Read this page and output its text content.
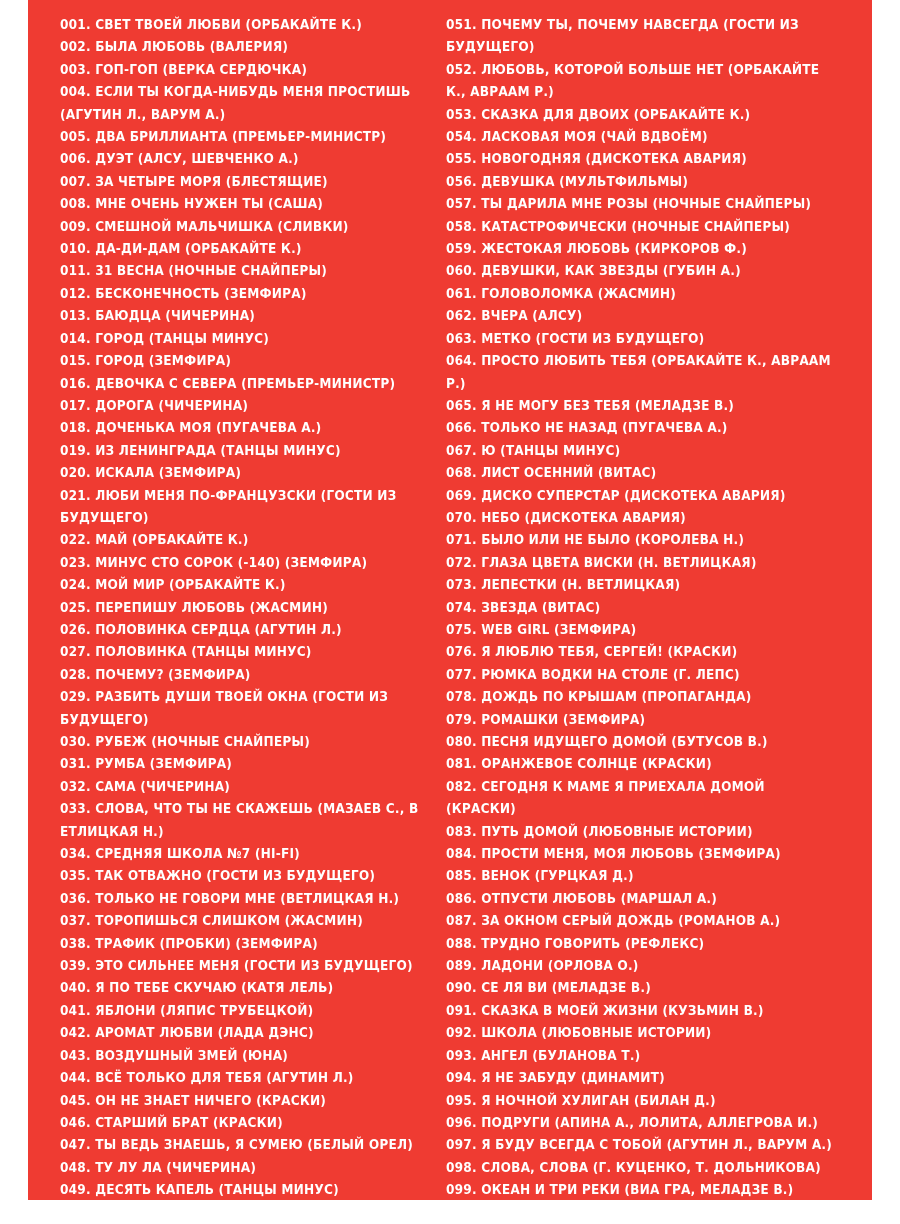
001. СВЕТ ТВОЕЙ ЛЮБВИ (ОРБАКАЙТЕ К.)
002. БЫЛА ЛЮБОВЬ (ВАЛЕРИЯ)
003. ГОП-ГОП (ВЕРКА СЕРДЮЧКА)
004. ЕСЛИ ТЫ КОГДА-НИБУДЬ МЕНЯ ПРОСТИШЬ (АГУТИН Л., ВАРУМ А.)
005. ДВА БРИЛЛИАНТА (ПРЕМЬЕР-МИНИСТР)
006. ДУЭТ (АЛСУ, ШЕВЧЕНКО А.)
007. ЗА ЧЕТЫРЕ МОРЯ (БЛЕСТЯЩИЕ)
008. МНЕ ОЧЕНЬ НУЖЕН ТЫ (САША)
009. СМЕШНОЙ МАЛЬЧИШКА (СЛИВКИ)
010. ДА-ДИ-ДАМ (ОРБАКАЙТЕ К.)
011. 31 ВЕСНА (НОЧНЫЕ СНАЙПЕРЫ)
012. БЕСКОНЕЧНОСТЬ (ЗЕМФИРА)
013. БАЮДЦА (ЧИЧЕРИНА)
014. ГОРОД (ТАНЦЫ МИНУС)
015. ГОРОД (ЗЕМФИРА)
016. ДЕВОЧКА С СЕВЕРА (ПРЕМЬЕР-МИНИСТР)
017. ДОРОГА (ЧИЧЕРИНА)
018. ДОЧЕНЬКА МОЯ (ПУГАЧЕВА А.)
019. ИЗ ЛЕНИНГРАДА (ТАНЦЫ МИНУС)
020. ИСКАЛА (ЗЕМФИРА)
021. ЛЮБИ МЕНЯ ПО-ФРАНЦУЗСКИ (ГОСТИ ИЗ БУДУЩЕГО)
022. МАЙ (ОРБАКАЙТЕ К.)
023. МИНУС СТО СОРОК (-140) (ЗЕМФИРА)
024. МОЙ МИР (ОРБАКАЙТЕ К.)
025. ПЕРЕПИШУ ЛЮБОВЬ (ЖАСМИН)
026. ПОЛОВИНКА СЕРДЦА (АГУТИН Л.)
027. ПОЛОВИНКА (ТАНЦЫ МИНУС)
028. ПОЧЕМУ? (ЗЕМФИРА)
029. РАЗБИТЬ ДУШИ ТВОЕЙ ОКНА (ГОСТИ ИЗ БУДУЩЕГО)
030. РУБЕЖ (НОЧНЫЕ СНАЙПЕРЫ)
031. РУМБА (ЗЕМФИРА)
032. САМА (ЧИЧЕРИНА)
033. СЛОВА, ЧТО ТЫ НЕ СКАЖЕШЬ (МАЗАЕВ С., В ЕТЛИЦКАЯ Н.)
034. СРЕДНЯЯ ШКОЛА №7 (HI-FI)
035. ТАК ОТВАЖНО (ГОСТИ ИЗ БУДУЩЕГО)
036. ТОЛЬКО НЕ ГОВОРИ МНЕ (ВЕТЛИЦКАЯ Н.)
037. ТОРОПИШЬСЯ СЛИШКОМ (ЖАСМИН)
038. ТРАФИК (ПРОБКИ) (ЗЕМФИРА)
039. ЭТО СИЛЬНЕЕ МЕНЯ (ГОСТИ ИЗ БУДУЩЕГО)
040. Я ПО ТЕБЕ СКУЧАЮ (КАТЯ ЛЕЛЬ)
041. ЯБЛОНИ (ЛЯПИС ТРУБЕЦКОЙ)
042. АРОМАТ ЛЮБВИ (ЛАДА ДЭНС)
043. ВОЗДУШНЫЙ ЗМЕЙ (ЮНА)
044. ВСЁ ТОЛЬКО ДЛЯ ТЕБЯ (АГУТИН Л.)
045. ОН НЕ ЗНАЕТ НИЧЕГО (КРАСКИ)
046. СТАРШИЙ БРАТ (КРАСКИ)
047. ТЫ ВЕДЬ ЗНАЕШЬ, Я СУМЕЮ (БЕЛЫЙ ОРЕЛ)
048. ТУ ЛУ ЛА (ЧИЧЕРИНА)
049. ДЕСЯТЬ КАПЕЛЬ (ТАНЦЫ МИНУС)
050. ХОЛОДНО (ПРОПАГАНДА)
051. ПОЧЕМУ ТЫ, ПОЧЕМУ НАВСЕГДА (ГОСТИ ИЗ БУДУЩЕГО)
052. ЛЮБОВЬ, КОТОРОЙ БОЛЬШЕ НЕТ (ОРБАКАЙТЕ К., АВРААМ Р.)
053. СКАЗКА ДЛЯ ДВОИХ (ОРБАКАЙТЕ К.)
054. ЛАСКОВАЯ МОЯ (ЧАЙ ВДВОЁМ)
055. НОВОГОДНЯЯ (ДИСКОТЕКА АВАРИЯ)
056. ДЕВУШКА (МУЛЬТФИЛЬМЫ)
057. ТЫ ДАРИЛА МНЕ РОЗЫ (НОЧНЫЕ СНАЙПЕРЫ)
058. КАТАСТРОФИЧЕСКИ (НОЧНЫЕ СНАЙПЕРЫ)
059. ЖЕСТОКАЯ ЛЮБОВЬ (КИРКОРОВ Ф.)
060. ДЕВУШКИ, КАК ЗВЕЗДЫ (ГУБИН А.)
061. ГОЛОВОЛОМКА (ЖАСМИН)
062. ВЧЕРА (АЛСУ)
063. МЕТКО (ГОСТИ ИЗ БУДУЩЕГО)
064. ПРОСТО ЛЮБИТЬ ТЕБЯ (ОРБАКАЙТЕ К., АВРААМ Р.)
065. Я НЕ МОГУ БЕЗ ТЕБЯ (МЕЛАДЗЕ В.)
066. ТОЛЬКО НЕ НАЗАД (ПУГАЧЕВА А.)
067. Ю (ТАНЦЫ МИНУС)
068. ЛИСТ ОСЕННИЙ (ВИТАС)
069. ДИСКО СУПЕРСТАР (ДИСКОТЕКА АВАРИЯ)
070. НЕБО (ДИСКОТЕКА АВАРИЯ)
071. БЫЛО ИЛИ НЕ БЫЛО (КОРОЛЕВА Н.)
072. ГЛАЗА ЦВЕТА ВИСКИ (Н. ВЕТЛИЦКАЯ)
073. ЛЕПЕСТКИ (Н. ВЕТЛИЦКАЯ)
074. ЗВЕЗДА (ВИТАС)
075. WEB GIRL (ЗЕМФИРА)
076. Я ЛЮБЛЮ ТЕБЯ, СЕРГЕЙ! (КРАСКИ)
077. РЮМКА ВОДКИ НА СТОЛЕ (Г. ЛЕПС)
078. ДОЖДЬ ПО КРЫШАМ (ПРОПАГАНДА)
079. РОМАШКИ (ЗЕМФИРА)
080. ПЕСНЯ ИДУЩЕГО ДОМОЙ (БУТУСОВ В.)
081. ОРАНЖЕВОЕ СОЛНЦЕ (КРАСКИ)
082. СЕГОДНЯ К МАМЕ Я ПРИЕХАЛА ДОМОЙ (КРАСКИ)
083. ПУТЬ ДОМОЙ (ЛЮБОВНЫЕ ИСТОРИИ)
084. ПРОСТИ МЕНЯ, МОЯ ЛЮБОВЬ (ЗЕМФИРА)
085. ВЕНОК (ГУРЦКАЯ Д.)
086. ОТПУСТИ ЛЮБОВЬ (МАРШАЛ А.)
087. ЗА ОКНОМ СЕРЫЙ ДОЖДЬ (РОМАНОВ А.)
088. ТРУДНО ГОВОРИТЬ (РЕФЛЕКС)
089. ЛАДОНИ (ОРЛОВА О.)
090. СЕ ЛЯ ВИ (МЕЛАДЗЕ В.)
091. СКАЗКА В МОЕЙ ЖИЗНИ (КУЗЬМИН В.)
092. ШКОЛА (ЛЮБОВНЫЕ ИСТОРИИ)
093. АНГЕЛ (БУЛАНОВА Т.)
094. Я НЕ ЗАБУДУ (ДИНАМИТ)
095. Я НОЧНОЙ ХУЛИГАН (БИЛАН Д.)
096. ПОДРУГИ (АПИНА А., ЛОЛИТА, АЛЛЕГРОВА И.)
097. Я БУДУ ВСЕГДА С ТОБОЙ (АГУТИН Л., ВАРУМ А.)
098. СЛОВА, СЛОВА (Г. КУЦЕНКО, Т. ДОЛЬНИКОВА)
099. ОКЕАН И ТРИ РЕКИ (ВИА ГРА, МЕЛАДЗЕ В.)
100. ВСЕ БУДЕТ ХОРОШО (ВЕРКА СЕРДЮЧКА)
